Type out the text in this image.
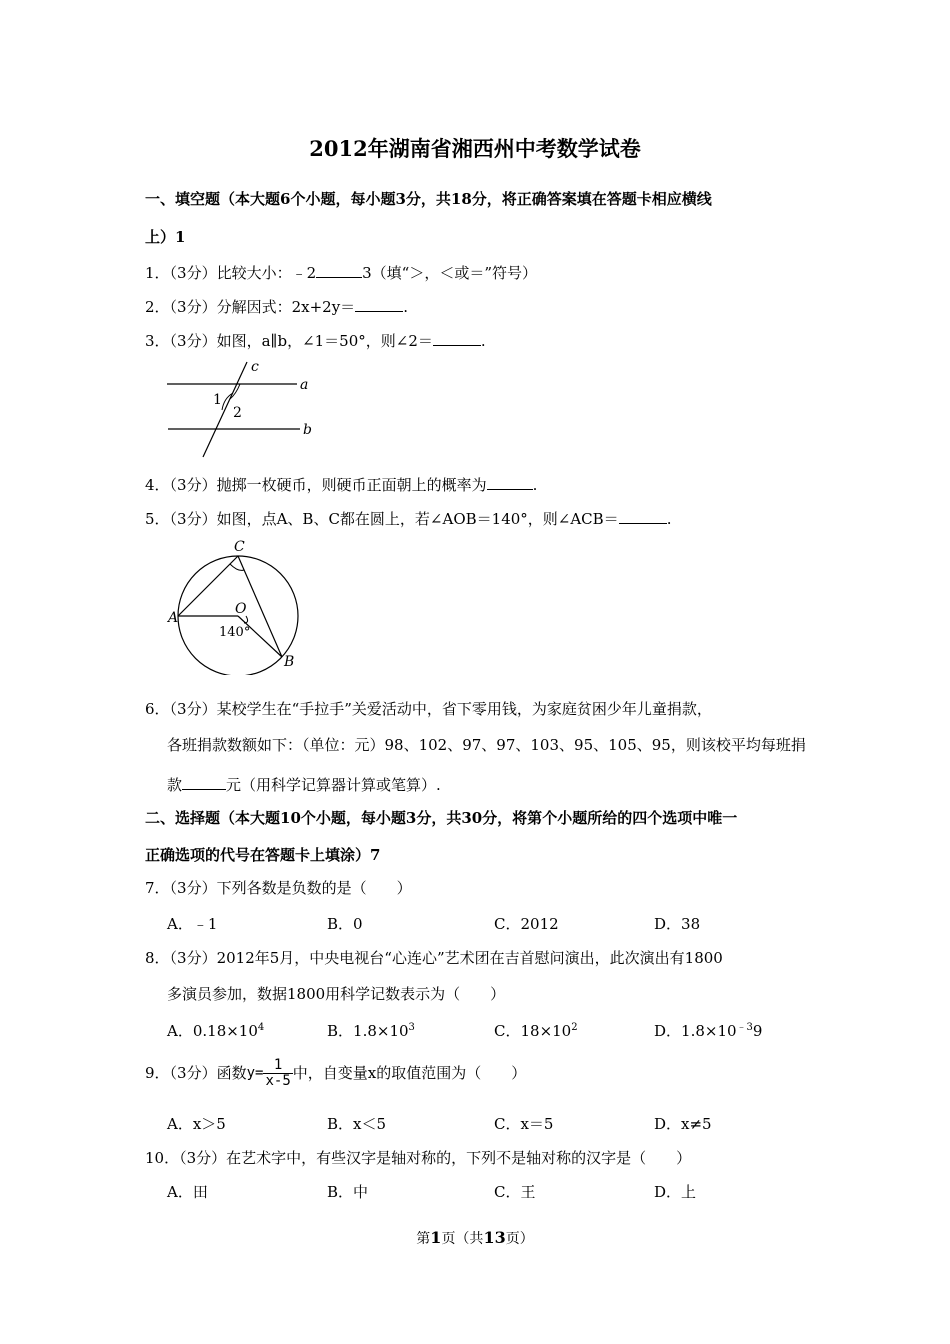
2012年湖南省湘西州中考数学试卷
一、填空题（本大题6个小题，每小题3分，共18分，将正确答案填在答题卡相应横线
上）1
1．（3分）比较大小：﹣2	3（填“＞，＜或＝”符号）
2．（3分）分解因式：2x+2y＝	.
3．（3分）如图，a∥b，∠1＝50°，则∠2＝	.
c
a
b
1
2
4．（3分）抛掷一枚硬币，则硬币正面朝上的概率为	.
5．（3分）如图，点A、B、C都在圆上，若∠AOB＝140°，则∠ACB＝	.
C
A
O
B
140°
6．（3分）某校学生在“手拉手”关爱活动中，省下零用钱，为家庭贫困少年儿童捐款，
各班捐款数额如下：（单位：元）98、102、97、97、103、95、105、95，则该校平均每班捐
款	元（用科学记算器计算或笔算）.
二、选择题（本大题10个小题，每小题3分，共30分，将第个小题所给的四个选项中唯一
正确选项的代号在答题卡上填涂）7
7．（3分）下列各数是负数的是（　　）
A．﹣1	B．0	C．2012	D．38
8．（3分）2012年5月，中央电视台“心连心”艺术团在吉首慰问演出，此次演出有1800
多演员参加，数据1800用科学记数表示为（　　）
A．$0.18\times 10^4$	B．$1.8\times 10^3$	C．$18\times 10^2$	D．$1.8\times 10^{﹣3}9$
9．（3分）函数$y= \frac{1}{x-5}$ 中，自变量x的取值范围为（　　）
A．x＞5	B．x＜5	C．x＝5	D．x≠5
10．（3分）在艺术字中，有些汉字是轴对称的，下列不是轴对称的汉字是（　　）
A．田	B．中	C．王	D．上
第1页（共13页）
